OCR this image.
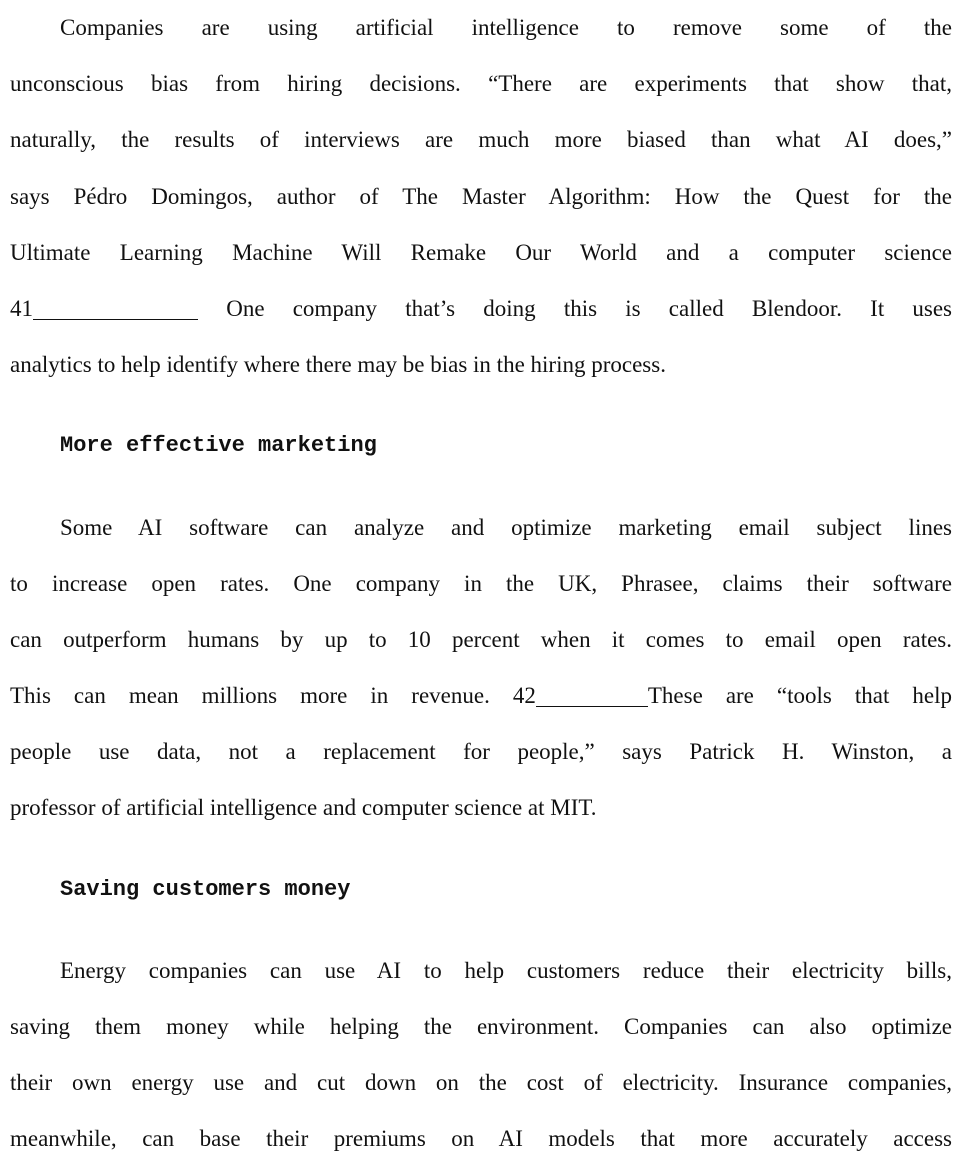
Companies are using artificial intelligence to remove some of the
unconscious bias from hiring decisions. “There are experiments that show that,
naturally, the results of interviews are much more biased than what AI does,”
says Pédro Domingos, author of The Master Algorithm: How the Quest for the
Ultimate Learning Machine Will Remake Our World and a computer science
41	One company that’s doing this is called Blendoor. It uses
analytics to help identify where there may be bias in the hiring process.
More effective marketing
Some AI software can analyze and optimize marketing email subject lines
to increase open rates. One company in the UK, Phrasee, claims their software
can outperform humans by up to 10 percent when it comes to email open rates.
This can mean millions more in revenue. 42	These are “tools that help
people use data, not a replacement for people,” says Patrick H. Winston, a
professor of artificial intelligence and computer science at MIT.
Saving customers money
Energy companies can use AI to help customers reduce their electricity bills,
saving them money while helping the environment. Companies can also optimize
their own energy use and cut down on the cost of electricity. Insurance companies,
meanwhile, can base their premiums on AI models that more accurately access
